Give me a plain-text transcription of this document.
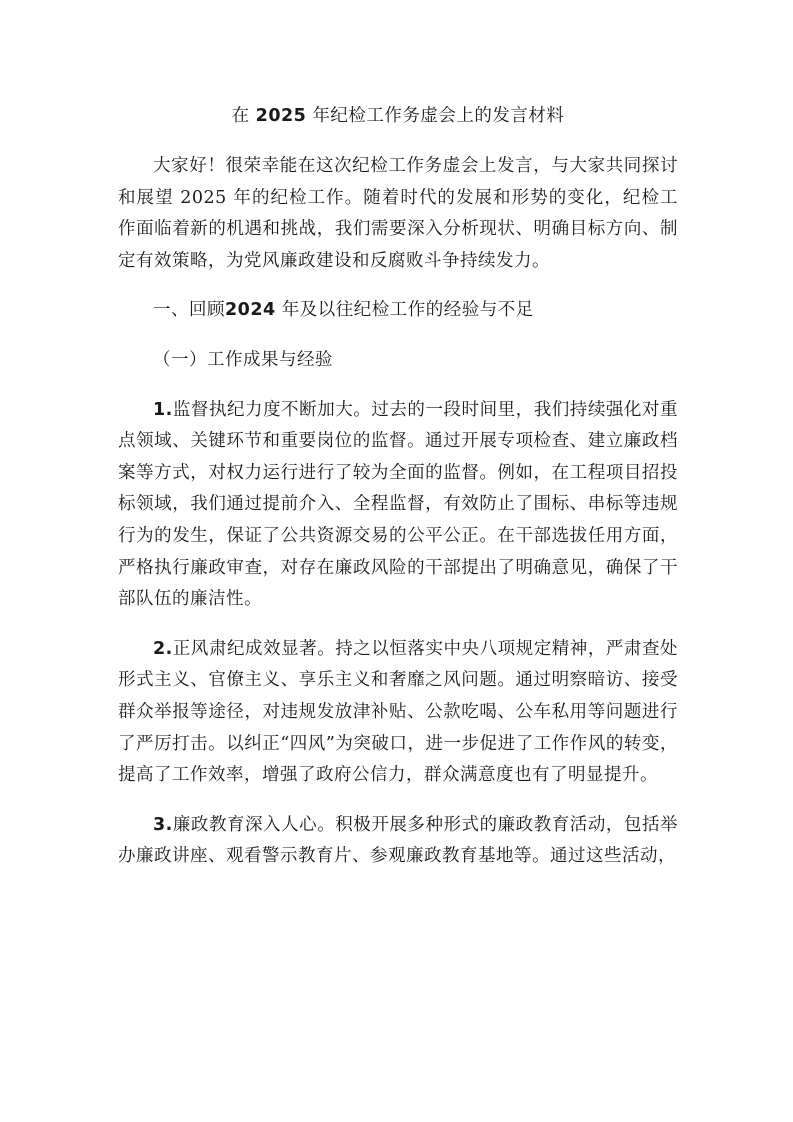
在 2025 年纪检工作务虚会上的发言材料

大家好！很荣幸能在这次纪检工作务虚会上发言，与大家共同探讨和展望 2025 年的纪检工作。随着时代的发展和形势的变化，纪检工作面临着新的机遇和挑战，我们需要深入分析现状、明确目标方向、制定有效策略，为党风廉政建设和反腐败斗争持续发力。

一、回顾2024 年及以往纪检工作的经验与不足

（一）工作成果与经验

1.监督执纪力度不断加大。过去的一段时间里，我们持续强化对重点领域、关键环节和重要岗位的监督。通过开展专项检查、建立廉政档案等方式，对权力运行进行了较为全面的监督。例如，在工程项目招投标领域，我们通过提前介入、全程监督，有效防止了围标、串标等违规行为的发生，保证了公共资源交易的公平公正。在干部选拔任用方面，严格执行廉政审查，对存在廉政风险的干部提出了明确意见，确保了干部队伍的廉洁性。

2.正风肃纪成效显著。持之以恒落实中央八项规定精神，严肃查处形式主义、官僚主义、享乐主义和奢靡之风问题。通过明察暗访、接受群众举报等途径，对违规发放津补贴、公款吃喝、公车私用等问题进行了严厉打击。以纠正“四风”为突破口，进一步促进了工作作风的转变，提高了工作效率，增强了政府公信力，群众满意度也有了明显提升。

3.廉政教育深入人心。积极开展多种形式的廉政教育活动，包括举办廉政讲座、观看警示教育片、参观廉政教育基地等。通过这些活动，
